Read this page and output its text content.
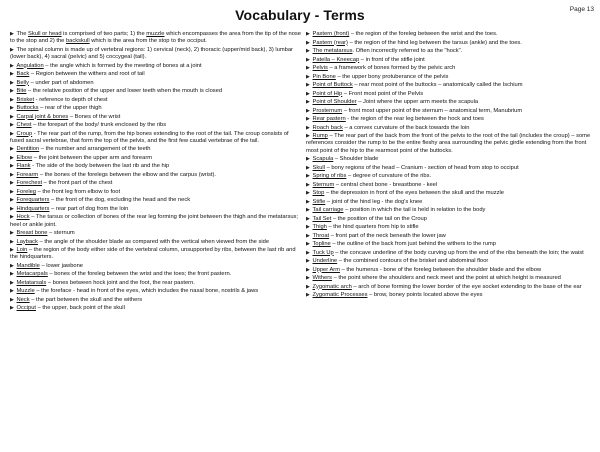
Vocabulary - Terms	Page 13
▶ The Skull or head is comprised of two parts; 1) the muzzle which encompasses the area from the tip of the nose to the stop and 2) the backskull which is the area from the stop to the occiput.
▶ The spinal column is made up of vertebral regions: 1) cervical (neck), 2) thoracic (upper/mid back), 3) lumbar (lower back), 4) sacral (pelvic) and 5) coccygeal (tail).
▶ Angulation – the angle which is formed by the meeting of bones at a joint
▶ Back – Region between the withers and root of tail
▶ Belly – under part of abdomen
▶ Bite – the relative position of the upper and lower teeth when the mouth is closed
▶ Brisket - reference to depth of chest
▶ Buttocks – rear of the upper thigh
▶ Carpal joint & bones – Bones of the wrist
▶ Chest – the forepart of the body/ trunk enclosed by the ribs
▶ Croup - The rear part of the rump, from the hip bones extending to the root of the tail. The croup consists of fused sacral vertebrae, that form the top of the pelvis, and the first few caudal vertebrae of the tail.
▶ Dentition – the number and arrangement of the teeth
▶ Elbow – the joint between the upper arm and forearm
▶ Flank - The side of the body between the last rib and the hip
▶ Forearm – the bones of the forelegs between the elbow and the carpus (wrist).
▶ Forechest – the front part of the chest
▶ Foreleg – the front leg from elbow to foot
▶ Forequarters – the front of the dog, excluding the head and the neck
▶ Hindquarters – rear part of dog from the loin
▶ Hock – The tarsus or collection of bones of the rear leg forming the joint between the thigh and the metatarsus; heel or ankle joint.
▶ Breast bone – sternum
▶ Layback – the angle of the shoulder blade as compared with the vertical when viewed from the side
▶ Loin – the region of the body either side of the vertebral column, unsupported by ribs, between the last rib and the hindquarters.
▶ Mandible – lower jawbone
▶ Metacarpals – bones of the foreleg between the wrist and the toes; the front pastern.
▶ Metatarsals – bones between hock joint and the foot, the rear pastern.
▶ Muzzle – the foreface - head in front of the eyes, which includes the nasal bone, nostrils & jaws
▶ Neck – the part between the skull and the withers
▶ Occiput – the upper, back point of the skull
▶ Pastern (front) – the region of the foreleg between the wrist and the toes.
▶ Pastern (rear) – the region of the hind leg between the tarsus (ankle) and the toes.
▶ The metatarsus. Often incorrectly referred to as the "hock".
▶ Patella – Kneecap – in front of the stifle joint
▶ Pelvis – a framework of bones formed by the pelvic arch
▶ Pin Bone – the upper bony protuberance of the pelvis
▶ Point of Buttock – rear most point of the buttocks – anatomically called the Ischium
▶ Point of Hip – Front most point of the Pelvis
▶ Point of Shoulder – Joint where the upper arm meets the scapula
▶ Prosternum – front most upper point of the sternum – anatomical term, Manubrium
▶ Rear pastern - the region of the rear leg between the hock and toes
▶ Roach back – a convex curvature of the back towards the loin
▶ Rump – The rear part of the back from the front of the pelvis to the root of the tail (includes the croup) – some references consider the rump to be the entire fleshy area surrounding the pelvic girdle extending from the front most point of the hip to the rearmost point of the buttocks.
▶ Scapula – Shoulder blade
▶ Skull – bony regions of the head – Cranium - section of head from stop to occiput
▶ Spring of ribs – degree of curvature of the ribs.
▶ Sternum – central chest bone - breastbone - keel
▶ Stop – the depression in front of the eyes between the skull and the muzzle
▶ Stifle – joint of the hind leg - the dog's knee
▶ Tail carriage – position in which the tail is held in relation to the body
▶ Tail Set – the position of the tail on the Croup
▶ Thigh – the hind quarters from hip to stifle
▶ Throat – front part of the neck beneath the lower jaw
▶ Topline – the outline of the back from just behind the withers to the rump
▶ Tuck Up – the concave underline of the body curving up from the end of the ribs beneath the loin; the waist
▶ Underline – the combined contours of the brisket and abdominal floor
▶ Upper Arm – the humerus - bone of the foreleg between the shoulder blade and the elbow
▶ Withers – the point where the shoulders and neck meet and the point at which height is measured
▶ Zygomatic arch – arch of bone forming the lower border of the eye socket extending to the base of the ear
▶ Zygomatic Processes – brow, boney points located above the eyes
